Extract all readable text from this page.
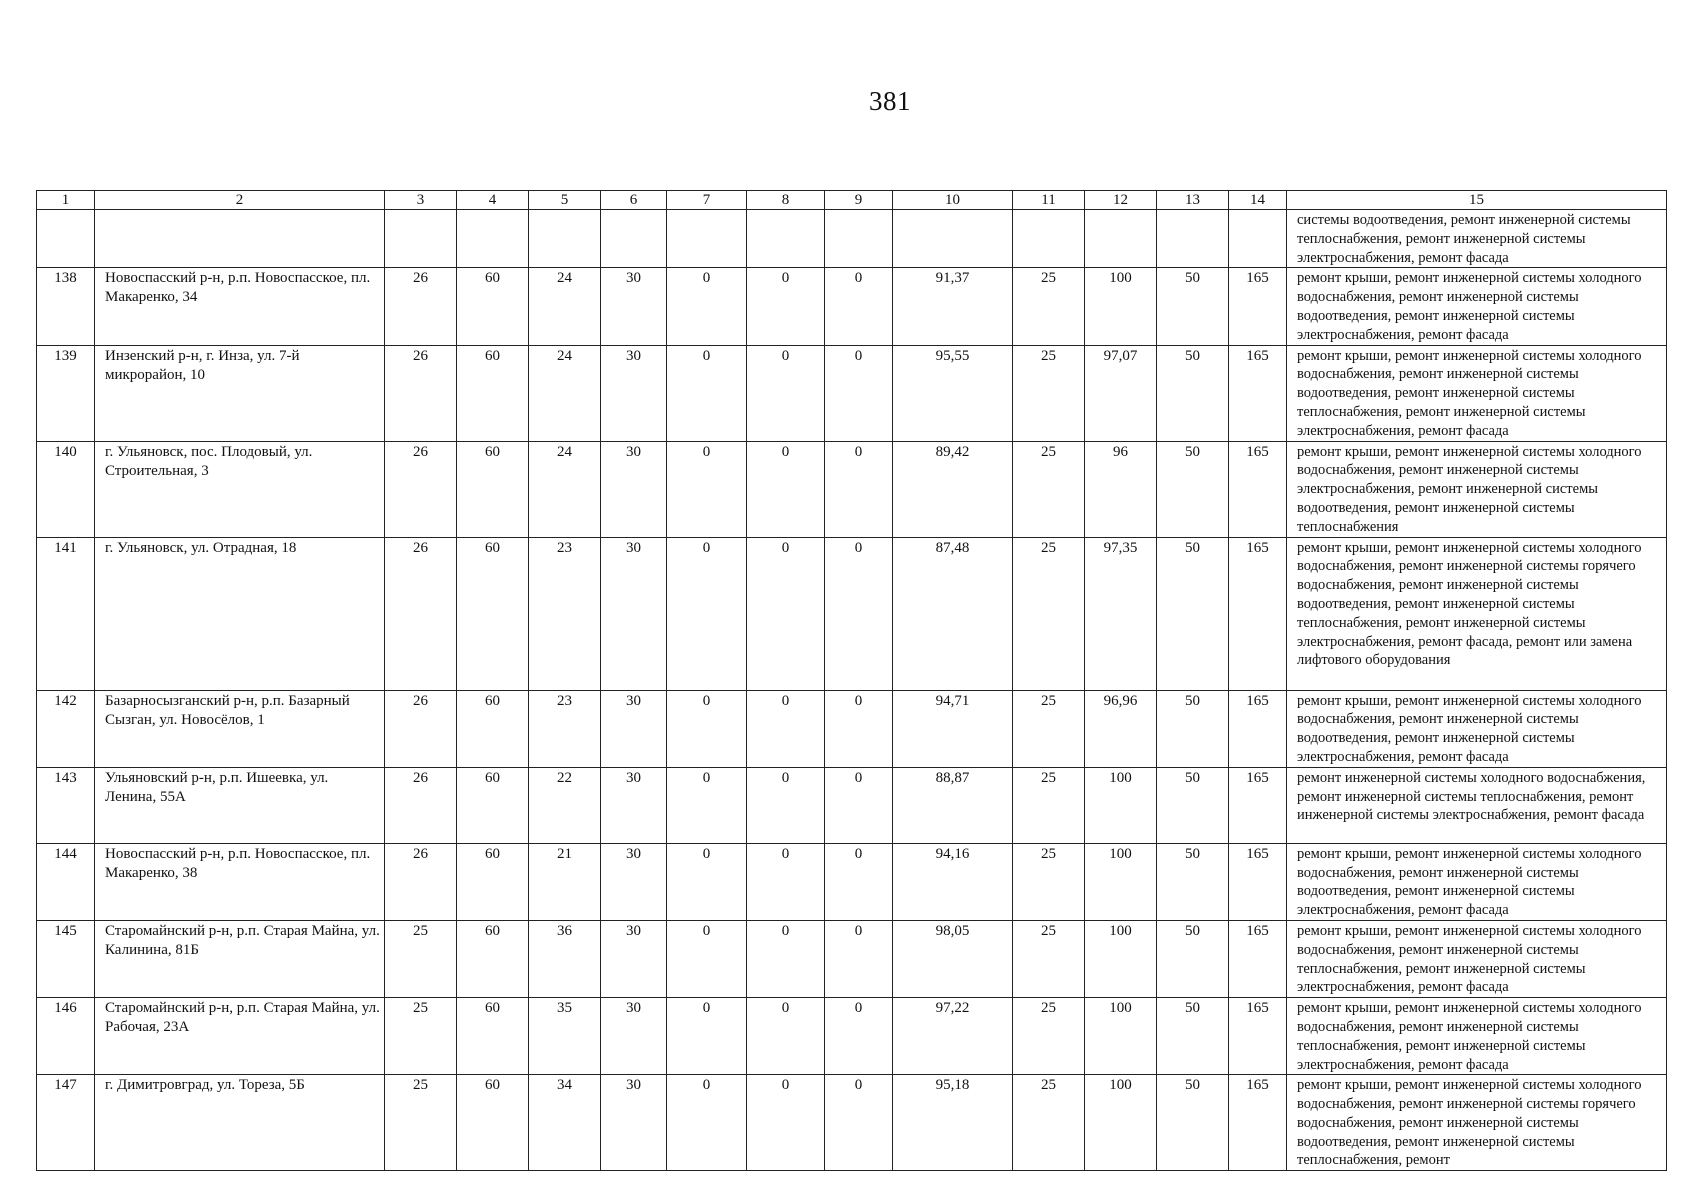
381
1	2	3	4	5	6	7	8	9	10	11	12	13	14	15
														системы водоотведения, ремонт инженерной системы теплоснабжения, ремонт инженерной системы электроснабжения, ремонт фасада
138	Новоспасский р-н, р.п. Новоспасское, пл. Макаренко, 34	26	60	24	30	0	0	0	91,37	25	100	50	165	ремонт крыши, ремонт инженерной системы холодного водоснабжения, ремонт инженерной системы водоотведения, ремонт инженерной системы электроснабжения, ремонт фасада
139	Инзенский р-н, г. Инза, ул. 7-й микрорайон, 10	26	60	24	30	0	0	0	95,55	25	97,07	50	165	ремонт крыши, ремонт инженерной системы холодного водоснабжения, ремонт инженерной системы водоотведения, ремонт инженерной системы теплоснабжения, ремонт инженерной системы электроснабжения, ремонт фасада
140	г. Ульяновск, пос. Плодовый, ул. Строительная, 3	26	60	24	30	0	0	0	89,42	25	96	50	165	ремонт крыши, ремонт инженерной системы холодного водоснабжения, ремонт инженерной системы электроснабжения, ремонт инженерной системы водоотведения, ремонт инженерной системы теплоснабжения
141	г. Ульяновск, ул. Отрадная, 18	26	60	23	30	0	0	0	87,48	25	97,35	50	165	ремонт крыши, ремонт инженерной системы холодного водоснабжения, ремонт инженерной системы горячего водоснабжения, ремонт инженерной системы водоотведения, ремонт инженерной системы теплоснабжения, ремонт инженерной системы электроснабжения, ремонт фасада, ремонт или замена лифтового оборудования
142	Базарносызганский р-н, р.п. Базарный Сызган, ул. Новосёлов, 1	26	60	23	30	0	0	0	94,71	25	96,96	50	165	ремонт крыши, ремонт инженерной системы холодного водоснабжения, ремонт инженерной системы водоотведения, ремонт инженерной системы электроснабжения, ремонт фасада
143	Ульяновский р-н, р.п. Ишеевка, ул. Ленина, 55А	26	60	22	30	0	0	0	88,87	25	100	50	165	ремонт инженерной системы холодного водоснабжения, ремонт инженерной системы теплоснабжения, ремонт инженерной системы электроснабжения, ремонт фасада
144	Новоспасский р-н, р.п. Новоспасское, пл. Макаренко, 38	26	60	21	30	0	0	0	94,16	25	100	50	165	ремонт крыши, ремонт инженерной системы холодного водоснабжения, ремонт инженерной системы водоотведения, ремонт инженерной системы электроснабжения, ремонт фасада
145	Старомайнский р-н, р.п. Старая Майна, ул. Калинина, 81Б	25	60	36	30	0	0	0	98,05	25	100	50	165	ремонт крыши, ремонт инженерной системы холодного водоснабжения, ремонт инженерной системы теплоснабжения, ремонт инженерной системы электроснабжения, ремонт фасада
146	Старомайнский р-н, р.п. Старая Майна, ул. Рабочая, 23А	25	60	35	30	0	0	0	97,22	25	100	50	165	ремонт крыши, ремонт инженерной системы холодного водоснабжения, ремонт инженерной системы теплоснабжения, ремонт инженерной системы электроснабжения, ремонт фасада
147	г. Димитровград, ул. Тореза, 5Б	25	60	34	30	0	0	0	95,18	25	100	50	165	ремонт крыши, ремонт инженерной системы холодного водоснабжения, ремонт инженерной системы горячего водоснабжения, ремонт инженерной системы водоотведения, ремонт инженерной системы теплоснабжения, ремонт
